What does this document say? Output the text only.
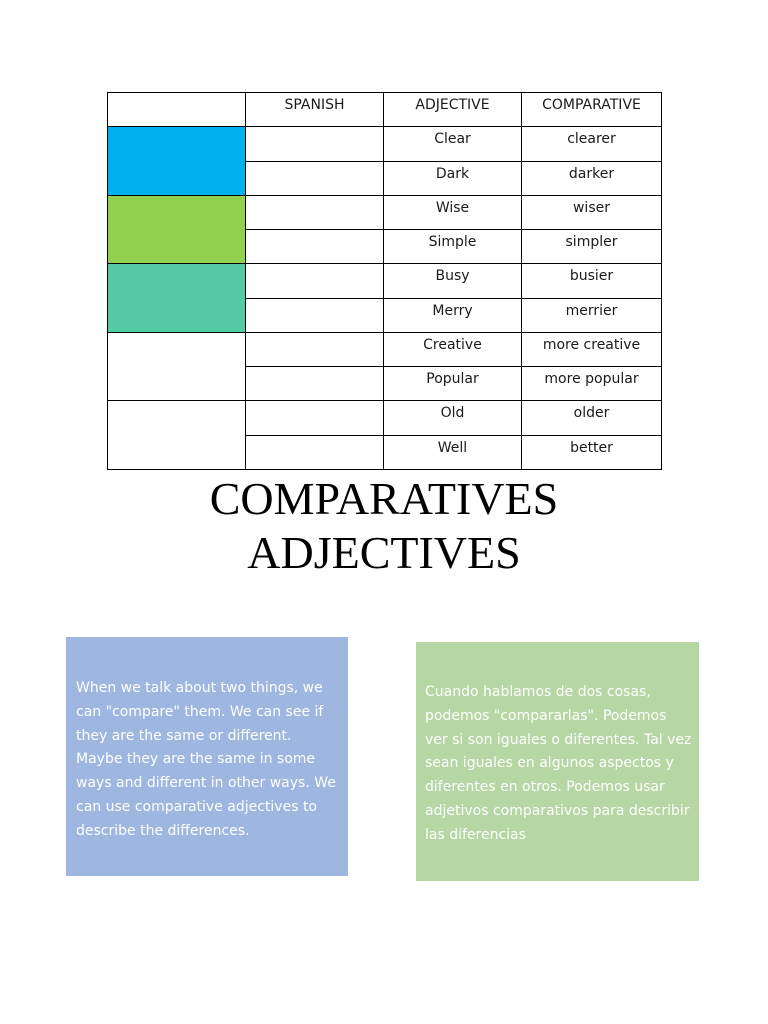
	SPANISH	ADJECTIVE	COMPARATIVE
		Clear	clearer
		Dark	darker
		Wise	wiser
		Simple	simpler
		Busy	busier
		Merry	merrier
		Creative	more creative
		Popular	more popular
		Old	older
		Well	better
COMPARATIVES
ADJECTIVES
When we talk about two things, we can "compare" them. We can see if they are the same or different. Maybe they are the same in some ways and different in other ways. We can use comparative adjectives to describe the differences.
Cuando hablamos de dos cosas, podemos "compararlas". Podemos ver si son iguales o diferentes. Tal vez sean iguales en algunos aspectos y diferentes en otros. Podemos usar adjetivos comparativos para describir las diferencias
